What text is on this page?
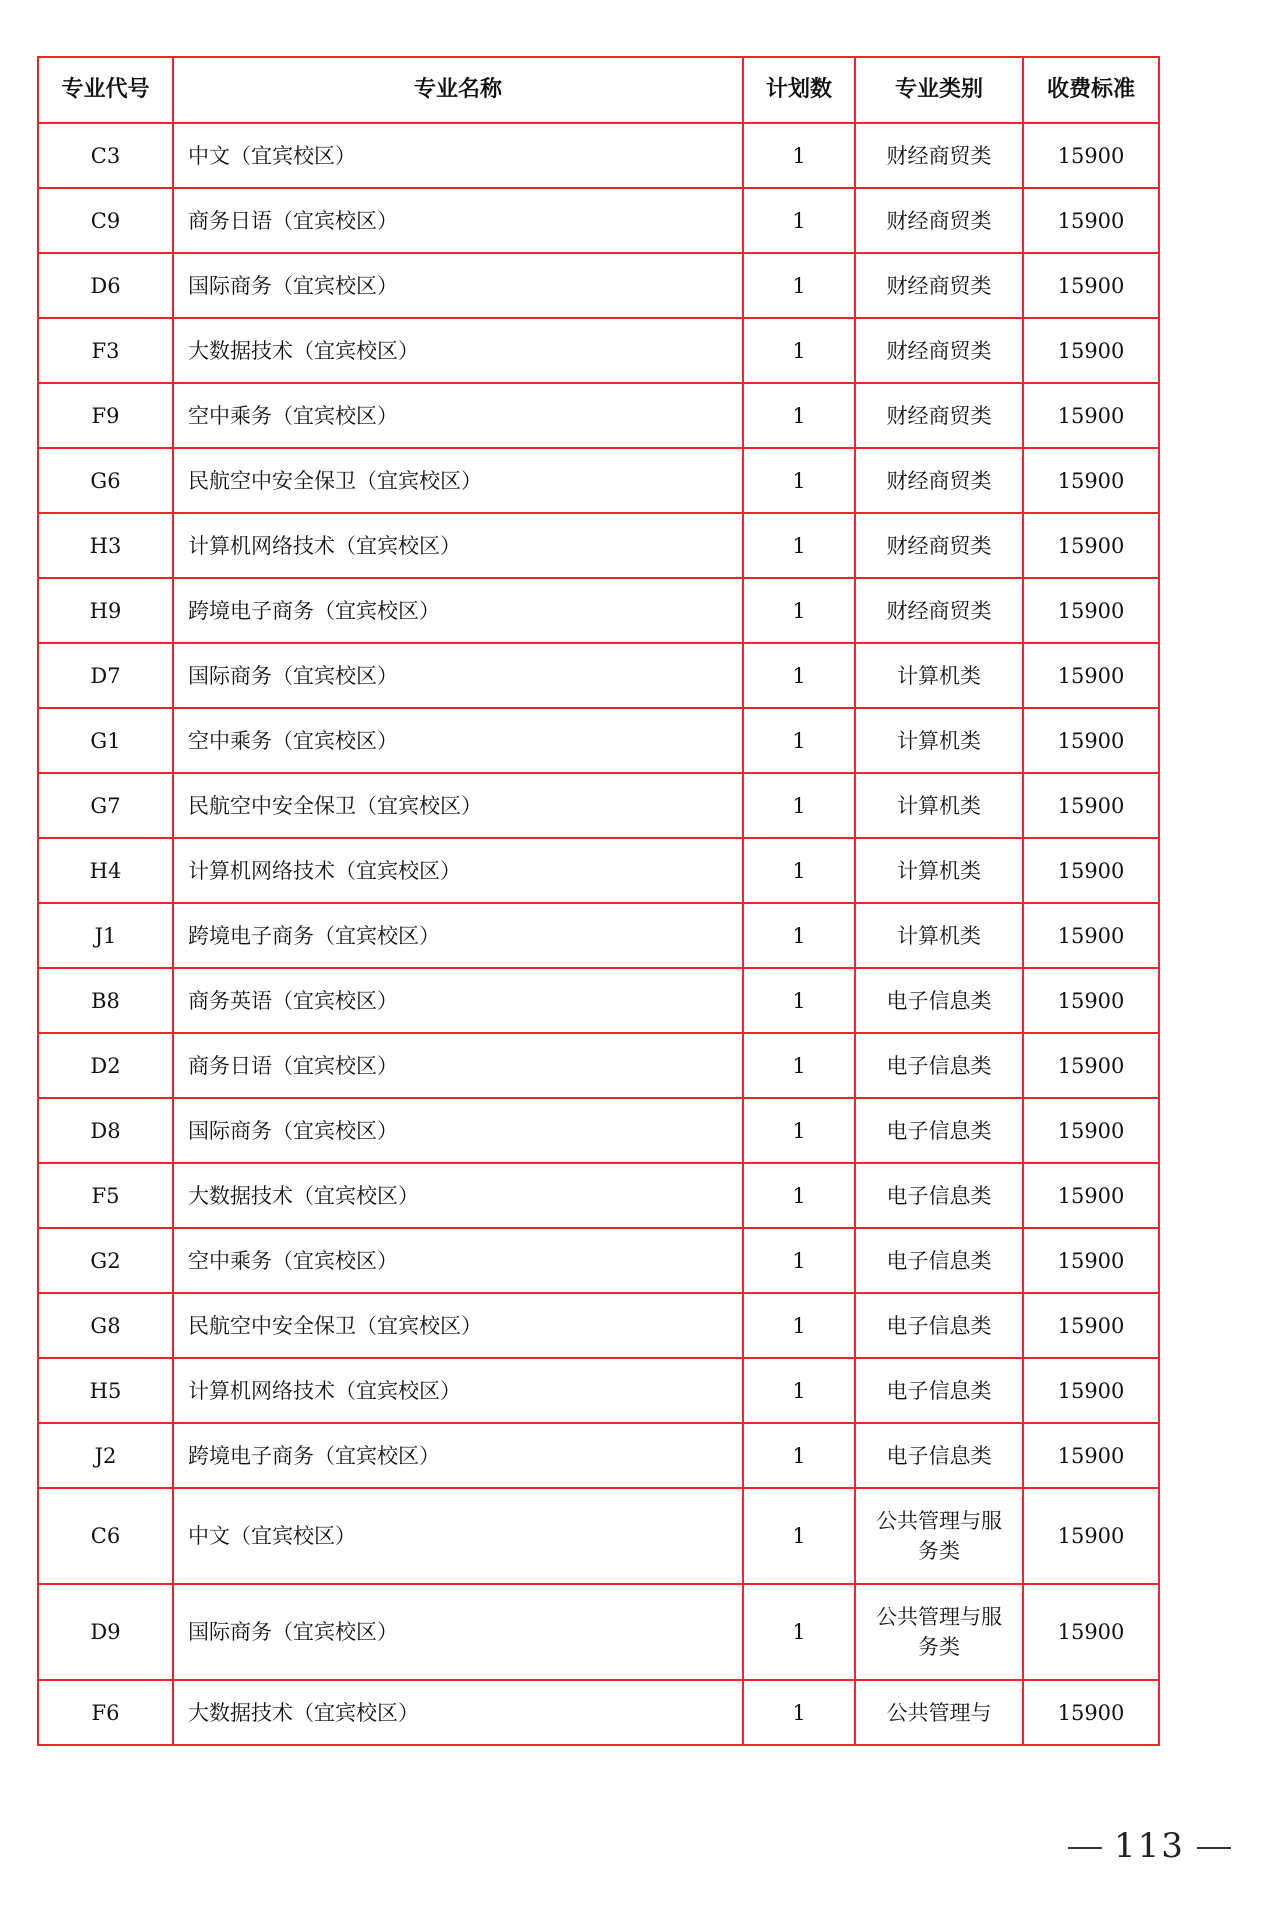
专业代号	专业名称	计划数	专业类别	收费标准
C3	中文（宜宾校区）	1	财经商贸类	15900
C9	商务日语（宜宾校区）	1	财经商贸类	15900
D6	国际商务（宜宾校区）	1	财经商贸类	15900
F3	大数据技术（宜宾校区）	1	财经商贸类	15900
F9	空中乘务（宜宾校区）	1	财经商贸类	15900
G6	民航空中安全保卫（宜宾校区）	1	财经商贸类	15900
H3	计算机网络技术（宜宾校区）	1	财经商贸类	15900
H9	跨境电子商务（宜宾校区）	1	财经商贸类	15900
D7	国际商务（宜宾校区）	1	计算机类	15900
G1	空中乘务（宜宾校区）	1	计算机类	15900
G7	民航空中安全保卫（宜宾校区）	1	计算机类	15900
H4	计算机网络技术（宜宾校区）	1	计算机类	15900
J1	跨境电子商务（宜宾校区）	1	计算机类	15900
B8	商务英语（宜宾校区）	1	电子信息类	15900
D2	商务日语（宜宾校区）	1	电子信息类	15900
D8	国际商务（宜宾校区）	1	电子信息类	15900
F5	大数据技术（宜宾校区）	1	电子信息类	15900
G2	空中乘务（宜宾校区）	1	电子信息类	15900
G8	民航空中安全保卫（宜宾校区）	1	电子信息类	15900
H5	计算机网络技术（宜宾校区）	1	电子信息类	15900
J2	跨境电子商务（宜宾校区）	1	电子信息类	15900
C6	中文（宜宾校区）	1	公共管理与服务类	15900
D9	国际商务（宜宾校区）	1	公共管理与服务类	15900
F6	大数据技术（宜宾校区）	1	公共管理与	15900
113
